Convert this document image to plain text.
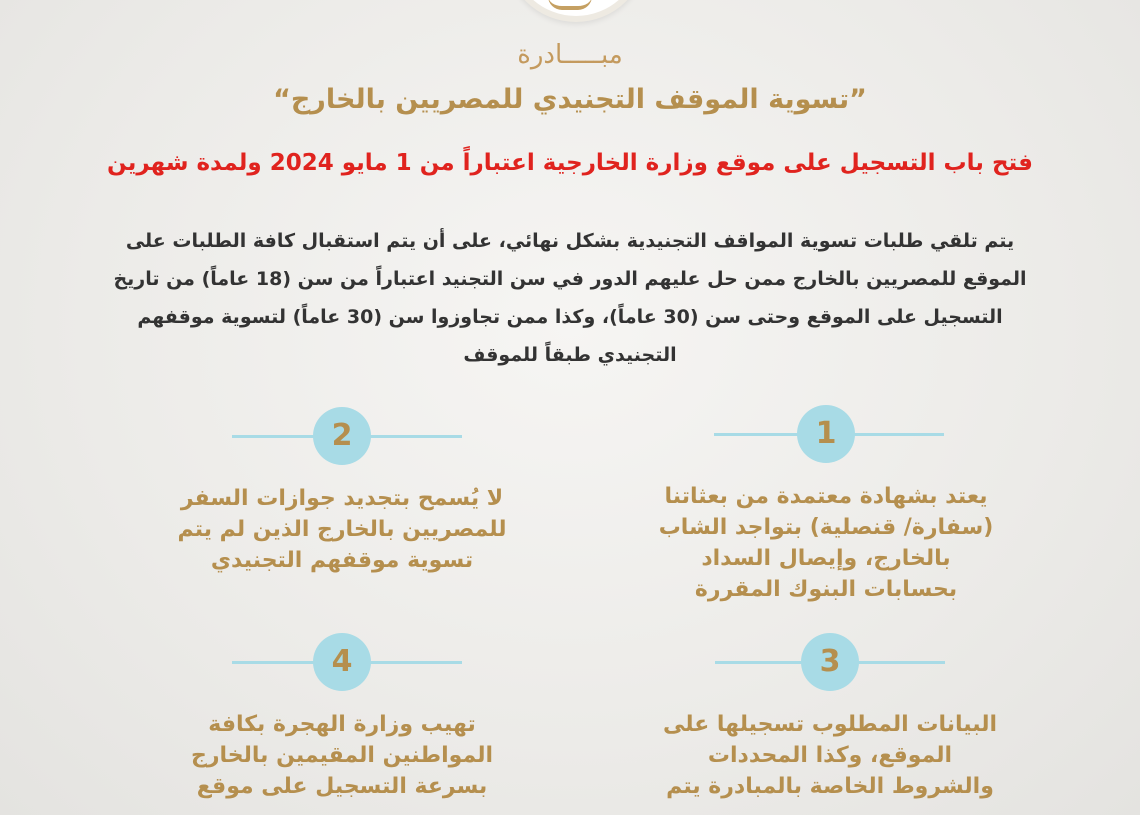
مبـــــادرة
”تسوية الموقف التجنيدي للمصريين بالخارج“
فتح باب التسجيل على موقع وزارة الخارجية اعتباراً من 1 مايو 2024 ولمدة شهرين
يتم تلقي طلبات تسوية المواقف التجنيدية بشكل نهائي، على أن يتم استقبال كافة الطلبات على الموقع للمصريين بالخارج ممن حل عليهم الدور في سن التجنيد اعتباراً من سن (18 عاماً) من تاريخ التسجيل على الموقع وحتى سن (30 عاماً)، وكذا ممن تجاوزوا سن (30 عاماً) لتسوية موقفهم التجنيدي طبقاً للموقف
1
يعتد بشهادة معتمدة من بعثاتنا (سفارة/ قنصلية) بتواجد الشاب بالخارج، وإيصال السداد بحسابات البنوك المقررة
2
لا يُسمح بتجديد جوازات السفر للمصريين بالخارج الذين لم يتم تسوية موقفهم التجنيدي
3
البيانات المطلوب تسجيلها على الموقع، وكذا المحددات والشروط الخاصة بالمبادرة يتم
4
تهيب وزارة الهجرة بكافة المواطنين المقيمين بالخارج بسرعة التسجيل على موقع
